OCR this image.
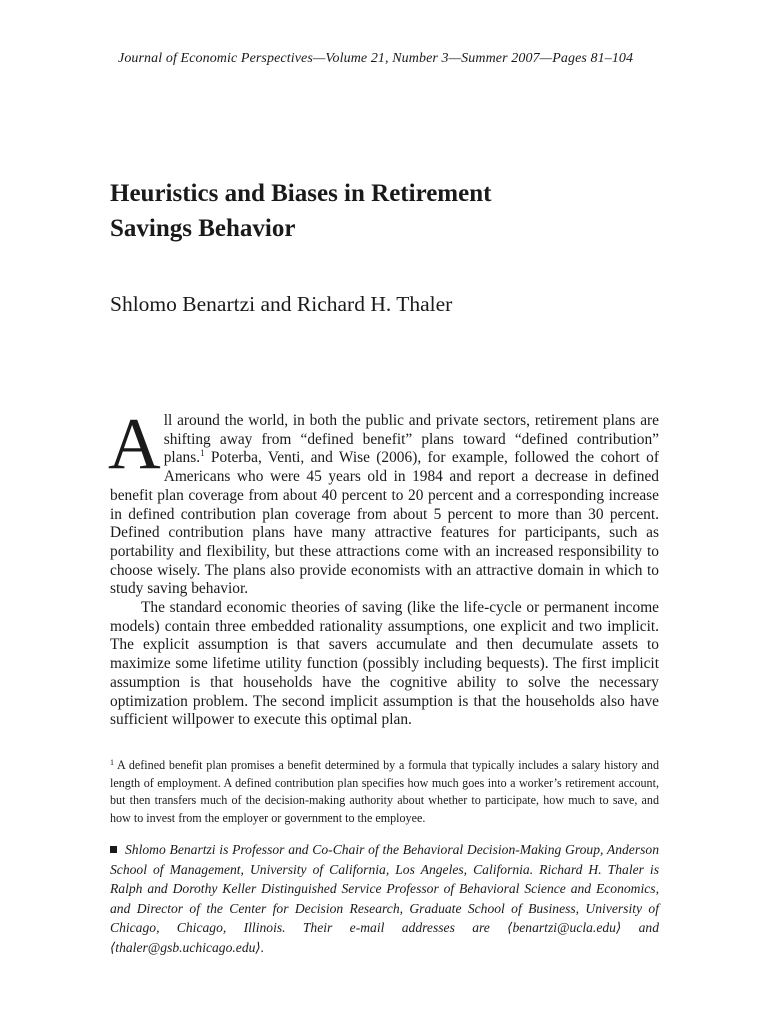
Journal of Economic Perspectives—Volume 21, Number 3—Summer 2007—Pages 81–104
Heuristics and Biases in Retirement
Savings Behavior
Shlomo Benartzi and Richard H. Thaler

All around the world, in both the public and private sectors, retirement plans are shifting away from “defined benefit” plans toward “defined contribution” plans.$^1$ Poterba, Venti, and Wise (2006), for example, followed the cohort of Americans who were 45 years old in 1984 and report a decrease in defined benefit plan coverage from about 40 percent to 20 percent and a corresponding increase in defined contribution plan coverage from about 5 percent to more than 30 percent. Defined contribution plans have many attractive features for participants, such as portability and flexibility, but these attractions come with an increased responsibility to choose wisely. The plans also provide economists with an attractive domain in which to study saving behavior.

The standard economic theories of saving (like the life-cycle or permanent income models) contain three embedded rationality assumptions, one explicit and two implicit. The explicit assumption is that savers accumulate and then decumulate assets to maximize some lifetime utility function (possibly including bequests). The first implicit assumption is that households have the cognitive ability to solve the necessary optimization problem. The second implicit assumption is that the households also have sufficient willpower to execute this optimal plan.

$^1$ A defined benefit plan promises a benefit determined by a formula that typically includes a salary history and length of employment. A defined contribution plan specifies how much goes into a worker’s retirement account, but then transfers much of the decision-making authority about whether to participate, how much to save, and how to invest from the employer or government to the employee.
Shlomo Benartzi is Professor and Co-Chair of the Behavioral Decision-Making Group, Anderson School of Management, University of California, Los Angeles, California. Richard H. Thaler is Ralph and Dorothy Keller Distinguished Service Professor of Behavioral Science and Economics, and Director of the Center for Decision Research, Graduate School of Business, University of Chicago, Chicago, Illinois. Their e-mail addresses are ⟨benartzi@ucla.edu⟩ and ⟨thaler@gsb.uchicago.edu⟩.
